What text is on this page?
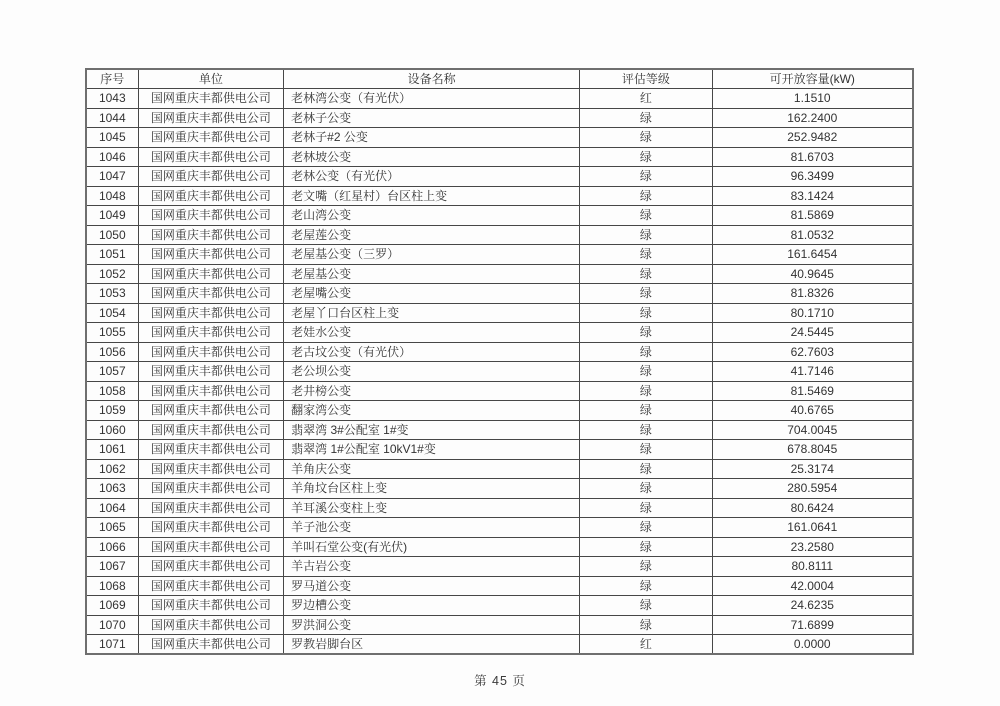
序号	单位	设备名称	评估等级	可开放容量(kW)
1043	国网重庆丰都供电公司	老林湾公变（有光伏）	红	1.1510
1044	国网重庆丰都供电公司	老林子公变	绿	162.2400
1045	国网重庆丰都供电公司	老林子#2 公变	绿	252.9482
1046	国网重庆丰都供电公司	老林坡公变	绿	81.6703
1047	国网重庆丰都供电公司	老林公变（有光伏）	绿	96.3499
1048	国网重庆丰都供电公司	老文嘴（红星村）台区柱上变	绿	83.1424
1049	国网重庆丰都供电公司	老山湾公变	绿	81.5869
1050	国网重庆丰都供电公司	老屋莲公变	绿	81.0532
1051	国网重庆丰都供电公司	老屋基公变（三罗）	绿	161.6454
1052	国网重庆丰都供电公司	老屋基公变	绿	40.9645
1053	国网重庆丰都供电公司	老屋嘴公变	绿	81.8326
1054	国网重庆丰都供电公司	老屋丫口台区柱上变	绿	80.1710
1055	国网重庆丰都供电公司	老娃水公变	绿	24.5445
1056	国网重庆丰都供电公司	老古坟公变（有光伏）	绿	62.7603
1057	国网重庆丰都供电公司	老公坝公变	绿	41.7146
1058	国网重庆丰都供电公司	老井榜公变	绿	81.5469
1059	国网重庆丰都供电公司	翻家湾公变	绿	40.6765
1060	国网重庆丰都供电公司	翡翠湾 3#公配室 1#变	绿	704.0045
1061	国网重庆丰都供电公司	翡翠湾 1#公配室 10kV1#变	绿	678.8045
1062	国网重庆丰都供电公司	羊角庆公变	绿	25.3174
1063	国网重庆丰都供电公司	羊角坟台区柱上变	绿	280.5954
1064	国网重庆丰都供电公司	羊耳溪公变柱上变	绿	80.6424
1065	国网重庆丰都供电公司	羊子池公变	绿	161.0641
1066	国网重庆丰都供电公司	羊叫石堂公变(有光伏)	绿	23.2580
1067	国网重庆丰都供电公司	羊古岩公变	绿	80.8111
1068	国网重庆丰都供电公司	罗马道公变	绿	42.0004
1069	国网重庆丰都供电公司	罗边槽公变	绿	24.6235
1070	国网重庆丰都供电公司	罗洪洞公变	绿	71.6899
1071	国网重庆丰都供电公司	罗教岩脚台区	红	0.0000
第 45 页
